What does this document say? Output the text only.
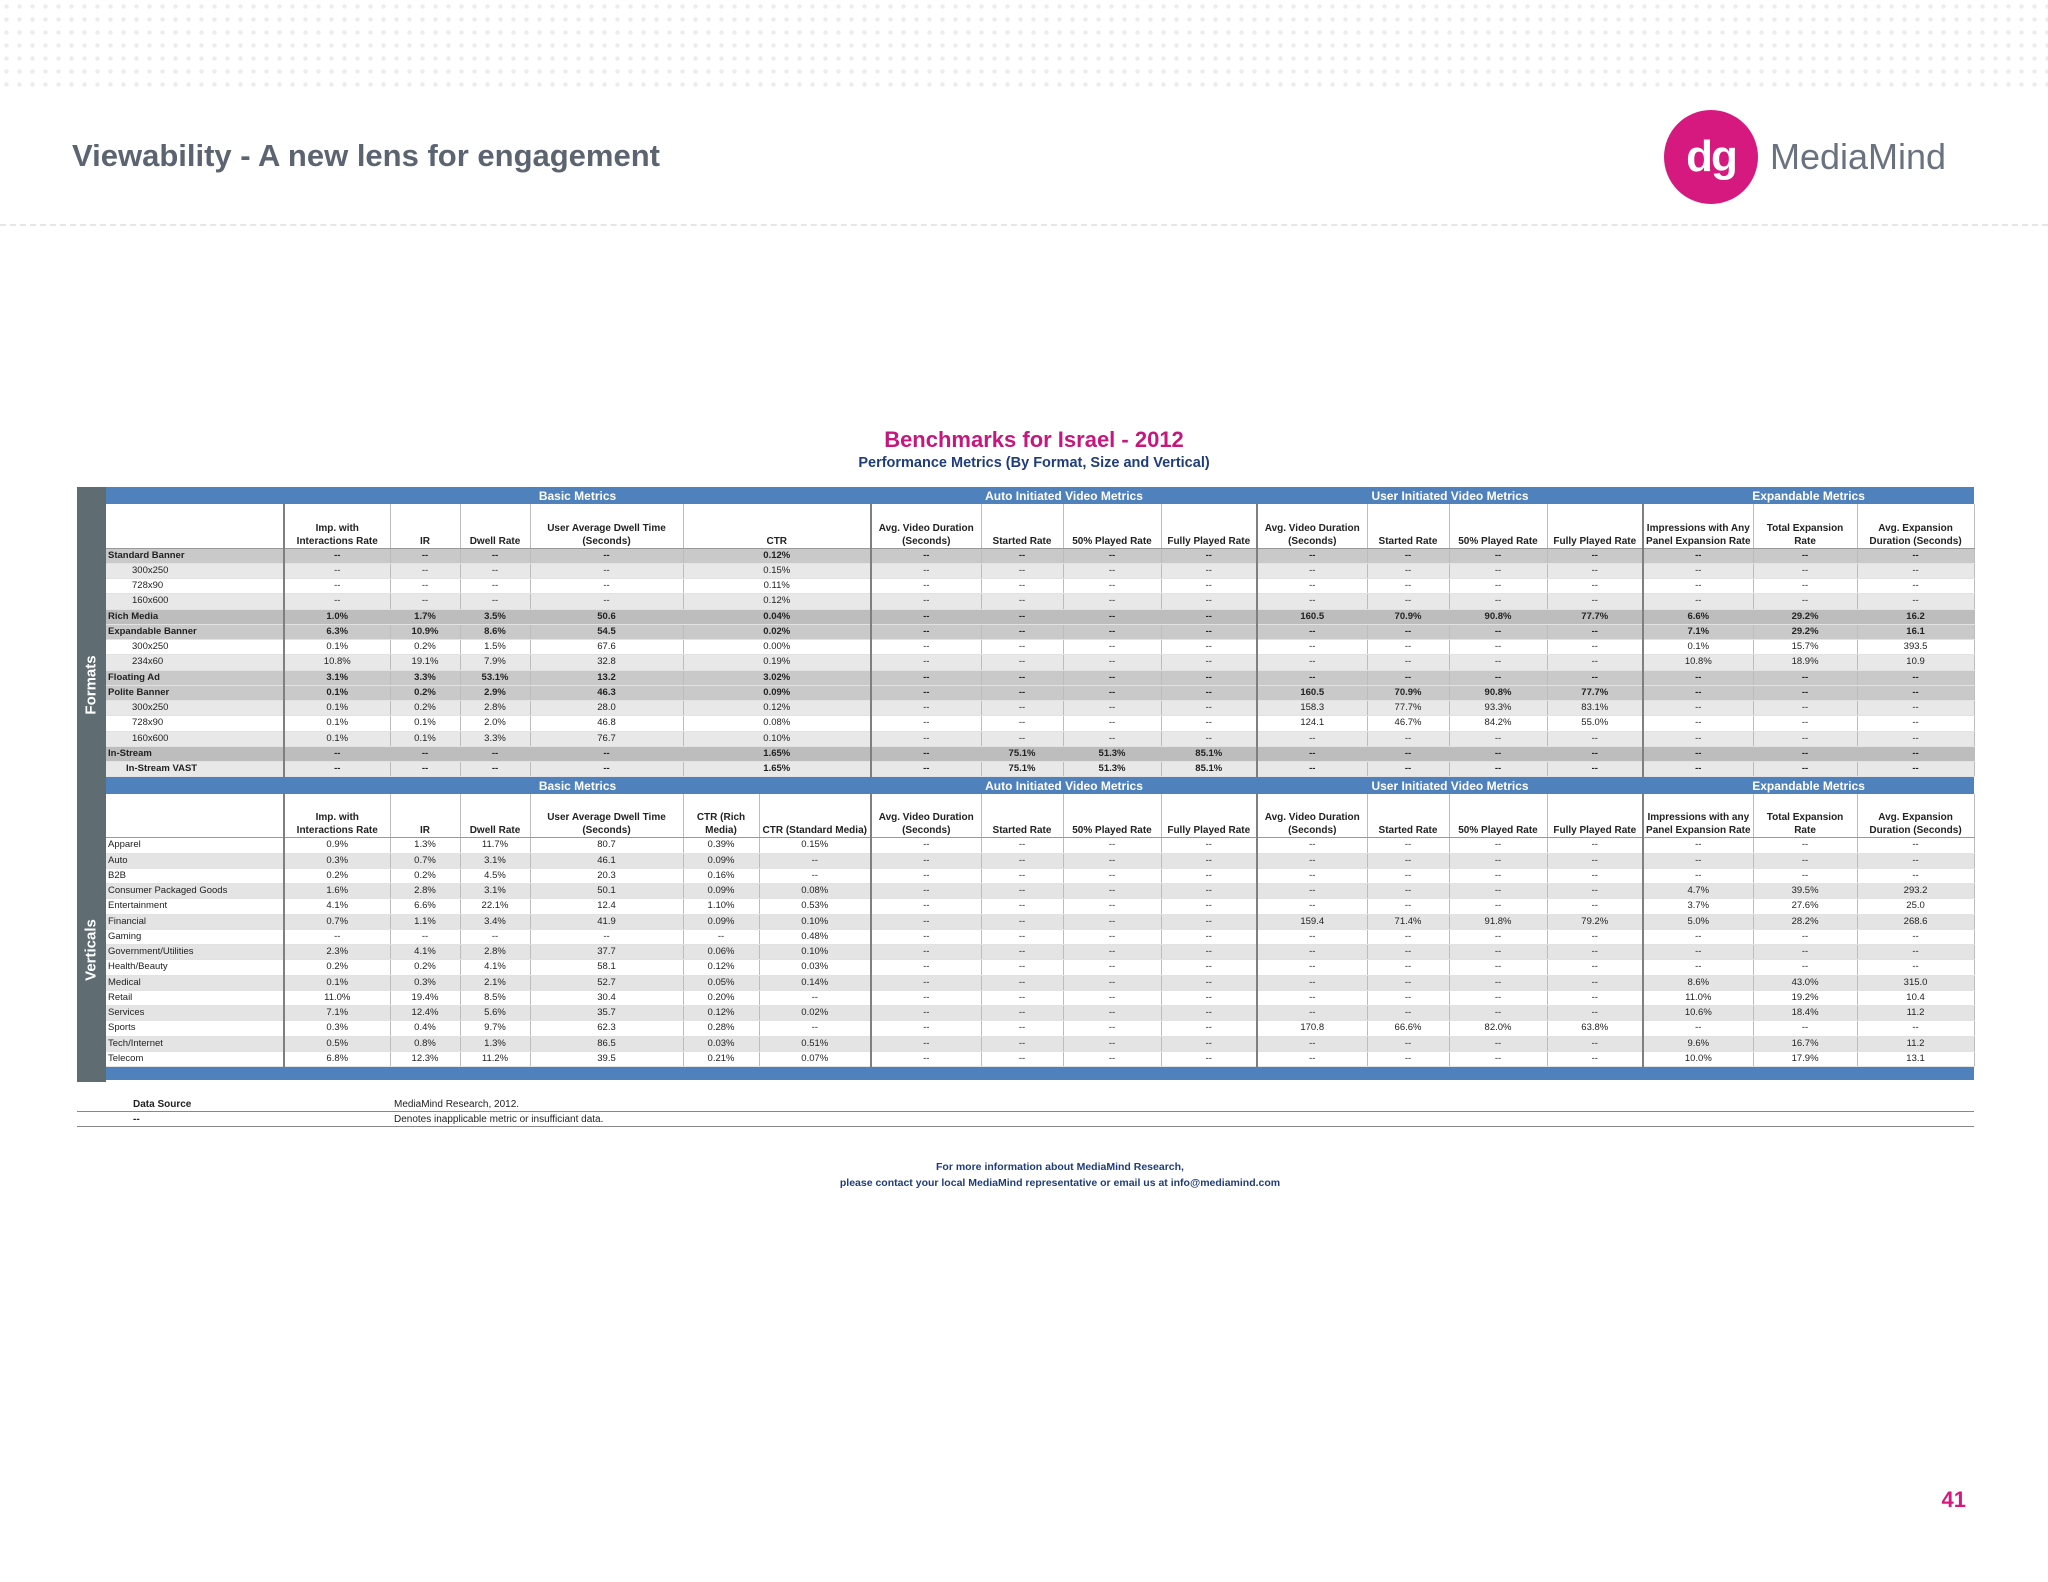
Viewability - A new lens for engagement	dg MediaMind
Benchmarks for Israel - 2012
Performance Metrics (By Format, Size and Vertical)
Formats
Verticals
	Basic Metrics						Auto Initiated Video Metrics				User Initiated Video Metrics				Expandable Metrics		
	Imp. with Interactions Rate	IR	Dwell Rate	User Average Dwell Time (Seconds)	CTR		Avg. Video Duration (Seconds)	Started Rate	50% Played Rate	Fully Played Rate	Avg. Video Duration (Seconds)	Started Rate	50% Played Rate	Fully Played Rate	Impressions with Any Panel Expansion Rate	Total Expansion Rate	Avg. Expansion Duration (Seconds)
Standard Banner	--	--	--	--	0.12%		--	--	--	--	--	--	--	--	--	--	--
300x250	--	--	--	--	0.15%		--	--	--	--	--	--	--	--	--	--	--
728x90	--	--	--	--	0.11%		--	--	--	--	--	--	--	--	--	--	--
160x600	--	--	--	--	0.12%		--	--	--	--	--	--	--	--	--	--	--
Rich Media	1.0%	1.7%	3.5%	50.6	0.04%		--	--	--	--	160.5	70.9%	90.8%	77.7%	6.6%	29.2%	16.2
Expandable Banner	6.3%	10.9%	8.6%	54.5	0.02%		--	--	--	--	--	--	--	--	7.1%	29.2%	16.1
300x250	0.1%	0.2%	1.5%	67.6	0.00%		--	--	--	--	--	--	--	--	0.1%	15.7%	393.5
234x60	10.8%	19.1%	7.9%	32.8	0.19%		--	--	--	--	--	--	--	--	10.8%	18.9%	10.9
Floating Ad	3.1%	3.3%	53.1%	13.2	3.02%		--	--	--	--	--	--	--	--	--	--	--
Polite Banner	0.1%	0.2%	2.9%	46.3	0.09%		--	--	--	--	160.5	70.9%	90.8%	77.7%	--	--	--
300x250	0.1%	0.2%	2.8%	28.0	0.12%		--	--	--	--	158.3	77.7%	93.3%	83.1%	--	--	--
728x90	0.1%	0.1%	2.0%	46.8	0.08%		--	--	--	--	124.1	46.7%	84.2%	55.0%	--	--	--
160x600	0.1%	0.1%	3.3%	76.7	0.10%		--	--	--	--	--	--	--	--	--	--	--
In-Stream	--	--	--	--	1.65%		--	75.1%	51.3%	85.1%	--	--	--	--	--	--	--
In-Stream VAST	--	--	--	--	1.65%		--	75.1%	51.3%	85.1%	--	--	--	--	--	--	--
	Basic Metrics						Auto Initiated Video Metrics				User Initiated Video Metrics				Expandable Metrics		
	Imp. with Interactions Rate	IR	Dwell Rate	User Average Dwell Time (Seconds)	CTR (Rich Media)	CTR (Standard Media)	Avg. Video Duration (Seconds)	Started Rate	50% Played Rate	Fully Played Rate	Avg. Video Duration (Seconds)	Started Rate	50% Played Rate	Fully Played Rate	Impressions with any Panel Expansion Rate	Total Expansion Rate	Avg. Expansion Duration (Seconds)
Apparel	0.9%	1.3%	11.7%	80.7	0.39%	0.15%	--	--	--	--	--	--	--	--	--	--	--
Auto	0.3%	0.7%	3.1%	46.1	0.09%	--	--	--	--	--	--	--	--	--	--	--	--
B2B	0.2%	0.2%	4.5%	20.3	0.16%	--	--	--	--	--	--	--	--	--	--	--	--
Consumer Packaged Goods	1.6%	2.8%	3.1%	50.1	0.09%	0.08%	--	--	--	--	--	--	--	--	4.7%	39.5%	293.2
Entertainment	4.1%	6.6%	22.1%	12.4	1.10%	0.53%	--	--	--	--	--	--	--	--	3.7%	27.6%	25.0
Financial	0.7%	1.1%	3.4%	41.9	0.09%	0.10%	--	--	--	--	159.4	71.4%	91.8%	79.2%	5.0%	28.2%	268.6
Gaming	--	--	--	--	--	0.48%	--	--	--	--	--	--	--	--	--	--	--
Government/Utilities	2.3%	4.1%	2.8%	37.7	0.06%	0.10%	--	--	--	--	--	--	--	--	--	--	--
Health/Beauty	0.2%	0.2%	4.1%	58.1	0.12%	0.03%	--	--	--	--	--	--	--	--	--	--	--
Medical	0.1%	0.3%	2.1%	52.7	0.05%	0.14%	--	--	--	--	--	--	--	--	8.6%	43.0%	315.0
Retail	11.0%	19.4%	8.5%	30.4	0.20%	--	--	--	--	--	--	--	--	--	11.0%	19.2%	10.4
Services	7.1%	12.4%	5.6%	35.7	0.12%	0.02%	--	--	--	--	--	--	--	--	10.6%	18.4%	11.2
Sports	0.3%	0.4%	9.7%	62.3	0.28%	--	--	--	--	--	170.8	66.6%	82.0%	63.8%	--	--	--
Tech/Internet	0.5%	0.8%	1.3%	86.5	0.03%	0.51%	--	--	--	--	--	--	--	--	9.6%	16.7%	11.2
Telecom	6.8%	12.3%	11.2%	39.5	0.21%	0.07%	--	--	--	--	--	--	--	--	10.0%	17.9%	13.1

Data Source	MediaMind Research, 2012.
--	Denotes inapplicable metric or insufficiant data.
For more information about MediaMind Research,
please contact your local MediaMind representative or email us at info@mediamind.com
41
